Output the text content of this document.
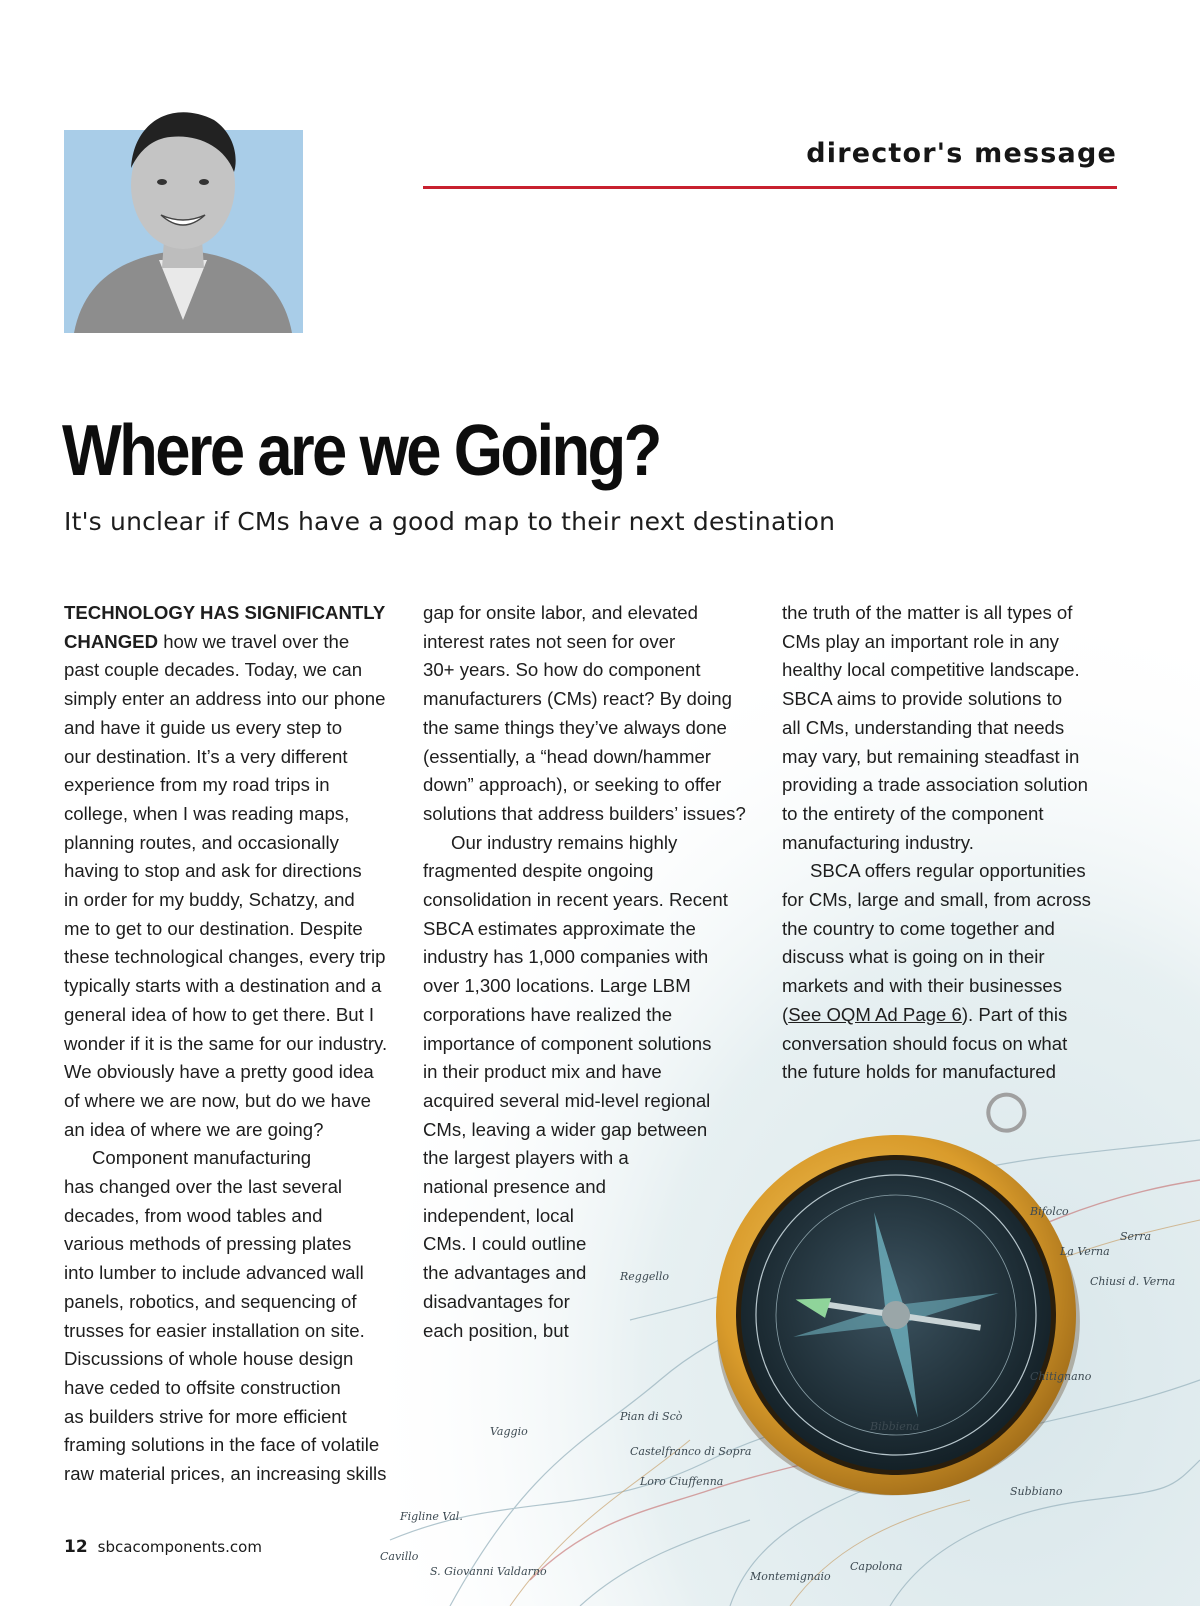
Bibbiena
La Verna
Chiusi d. Verna
Chitignano
Reggello
Pian di Scò
Castelfranco di Sopra
Loro Ciuffenna
Vaggio
S. Giovanni Valdarno
Figline Val.
Cavillo
Subbiano
Capolona
Montemignaio
Serra
Bifolco
director's message
Where are we Going?

It's unclear if CMs have a good map to their next destination

TECHNOLOGY HAS SIGNIFICANTLY
CHANGED how we travel over the
past couple decades. Today, we can
simply enter an address into our phone
and have it guide us every step to
our destination. It’s a very different
experience from my road trips in
college, when I was reading maps,
planning routes, and occasionally
having to stop and ask for directions
in order for my buddy, Schatzy, and
me to get to our destination. Despite
these technological changes, every trip
typically starts with a destination and a
general idea of how to get there. But I
wonder if it is the same for our industry.
We obviously have a pretty good idea
of where we are now, but do we have
an idea of where we are going?
Component manufacturing
has changed over the last several
decades, from wood tables and
various methods of pressing plates
into lumber to include advanced wall
panels, robotics, and sequencing of
trusses for easier installation on site.
Discussions of whole house design
have ceded to offsite construction
as builders strive for more efficient
framing solutions in the face of volatile
raw material prices, an increasing skills
gap for onsite labor, and elevated
interest rates not seen for over
30+ years. So how do component
manufacturers (CMs) react? By doing
the same things they’ve always done
(essentially, a “head down/hammer
down” approach), or seeking to offer
solutions that address builders’ issues?
Our industry remains highly
fragmented despite ongoing
consolidation in recent years. Recent
SBCA estimates approximate the
industry has 1,000 companies with
over 1,300 locations. Large LBM
corporations have realized the
importance of component solutions
in their product mix and have
acquired several mid-level regional
CMs, leaving a wider gap between
the largest players with a
national presence and
independent, local
CMs. I could outline
the advantages and
disadvantages for
each position, but
the truth of the matter is all types of
CMs play an important role in any
healthy local competitive landscape.
SBCA aims to provide solutions to
all CMs, understanding that needs
may vary, but remaining steadfast in
providing a trade association solution
to the entirety of the component
manufacturing industry.
SBCA offers regular opportunities
for CMs, large and small, from across
the country to come together and
discuss what is going on in their
markets and with their businesses
(See OQM Ad Page 6). Part of this
conversation should focus on what
the future holds for manufactured
12 sbcacomponents.com
